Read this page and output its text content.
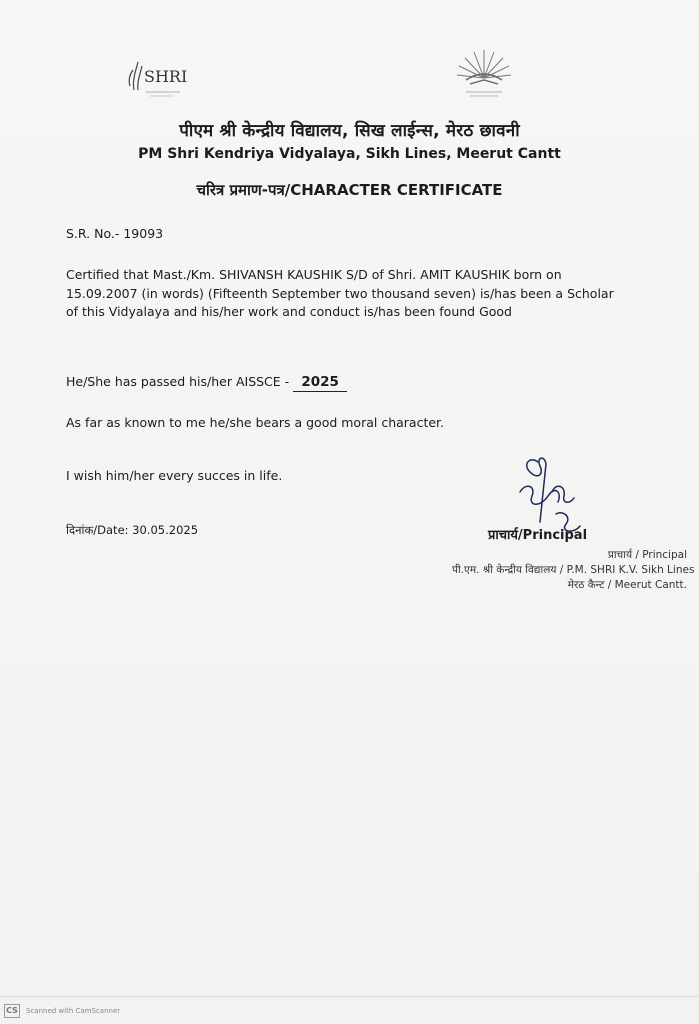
SHRI
पीएम श्री केन्द्रीय विद्यालय, सिख लाईन्स, मेरठ छावनी
PM Shri Kendriya Vidyalaya, Sikh Lines, Meerut Cantt
चरित्र प्रमाण-पत्र/CHARACTER CERTIFICATE
S.R. No.- 19093
Certified that Mast./Km. SHIVANSH KAUSHIK S/D of Shri. AMIT KAUSHIK born on 15.09.2007 (in words) (Fifteenth September two thousand seven) is/has been a Scholar of this Vidyalaya and his/her work and conduct is/has been found Good
He/She has passed his/her AISSCE - 2025
As far as known to me he/she bears a good moral character.
I wish him/her every succes in life.
दिनांक/Date: 30.05.2025	प्राचार्य/Principal
प्राचार्य / Principal
पी.एम. श्री केन्द्रीय विद्यालय / P.M. SHRI K.V. Sikh Lines
मेरठ कैन्ट / Meerut Cantt.
CS	Scanned with CamScanner
